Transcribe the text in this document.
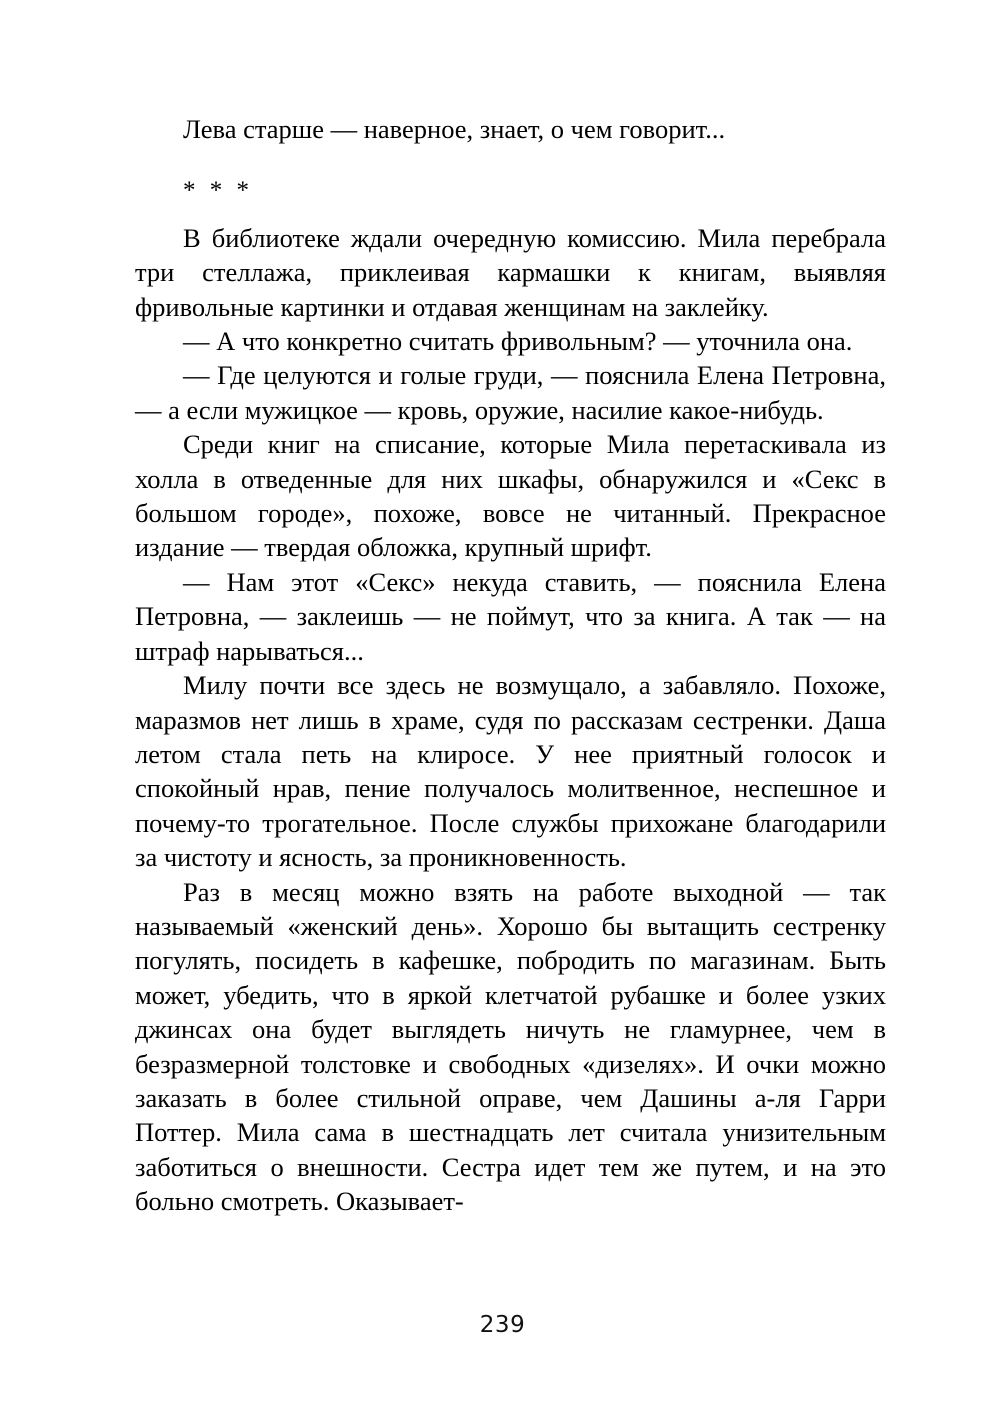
Лева старше — наверное, знает, о чем говорит...

* * *

В библиотеке ждали очередную комиссию. Мила перебрала три стеллажа, приклеивая кармашки к книгам, выявляя фривольные картинки и отдавая женщинам на заклейку.

— А что конкретно считать фривольным? — уточнила она.

— Где целуются и голые груди, — пояснила Елена Петровна, — а если мужицкое — кровь, оружие, насилие какое-нибудь.

Среди книг на списание, которые Мила перетаскивала из холла в отведенные для них шкафы, обнаружился и «Секс в большом городе», похоже, вовсе не читанный. Прекрасное издание — твердая обложка, крупный шрифт.

— Нам этот «Секс» некуда ставить, — пояснила Елена Петровна, — заклеишь — не поймут, что за книга. А так — на штраф нарываться...

Милу почти все здесь не возмущало, а забавляло. Похоже, маразмов нет лишь в храме, судя по рассказам сестренки. Даша летом стала петь на клиросе. У нее приятный голосок и спокойный нрав, пение получалось молитвенное, неспешное и почему-то трогательное. После службы прихожане благодарили за чистоту и ясность, за проникновенность.

Раз в месяц можно взять на работе выходной — так называемый «женский день». Хорошо бы вытащить сестренку погулять, посидеть в кафешке, побродить по магазинам. Быть может, убедить, что в яркой клетчатой рубашке и более узких джинсах она будет выглядеть ничуть не гламурнее, чем в безразмерной толстовке и свободных «дизелях». И очки можно заказать в более стильной оправе, чем Дашины а-ля Гарри Поттер. Мила сама в шестнадцать лет считала унизительным заботиться о внешности. Сестра идет тем же путем, и на это больно смотреть. Оказывает-

239
